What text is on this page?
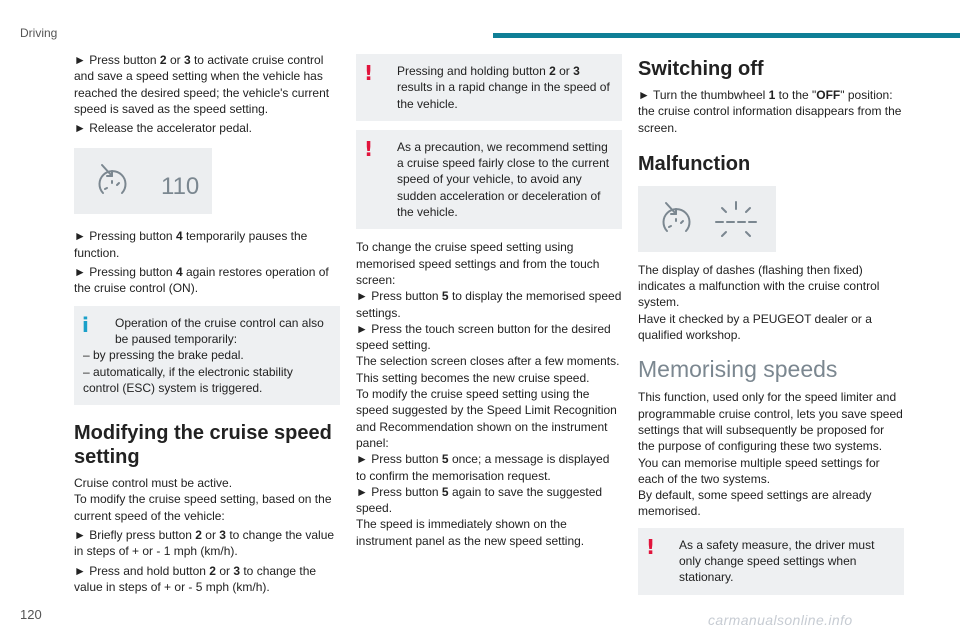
Driving

► Press button 2 or 3 to activate cruise control and save a speed setting when the vehicle has reached the desired speed; the vehicle's current speed is saved as the speed setting.

► Release the accelerator pedal.

110

► Pressing button 4 temporarily pauses the function.

► Pressing button 4 again restores operation of the cruise control (ON).

i	Operation of the cruise control can also be paused temporarily:

– by pressing the brake pedal.

– automatically, if the electronic stability control (ESC) system is triggered.

Modifying the cruise speed setting

Cruise control must be active.

To modify the cruise speed setting, based on the current speed of the vehicle:

► Briefly press button 2 or 3 to change the value in steps of + or - 1 mph (km/h).

► Press and hold button 2 or 3 to change the value in steps of + or - 5 mph (km/h).

!	Pressing and holding button 2 or 3 results in a rapid change in the speed of the vehicle.

!	As a precaution, we recommend setting a cruise speed fairly close to the current speed of your vehicle, to avoid any sudden acceleration or deceleration of the vehicle.

To change the cruise speed setting using memorised speed settings and from the touch screen:

► Press button 5 to display the memorised speed settings.

► Press the touch screen button for the desired speed setting.

The selection screen closes after a few moments.

This setting becomes the new cruise speed.

To modify the cruise speed setting using the speed suggested by the Speed Limit Recognition and Recommendation shown on the instrument panel:

► Press button 5 once; a message is displayed to confirm the memorisation request.

► Press button 5 again to save the suggested speed.

The speed is immediately shown on the instrument panel as the new speed setting.

Switching off

► Turn the thumbwheel 1 to the "OFF" position: the cruise control information disappears from the screen.

Malfunction

The display of dashes (flashing then fixed) indicates a malfunction with the cruise control system.

Have it checked by a PEUGEOT dealer or a qualified workshop.

Memorising speeds

This function, used only for the speed limiter and programmable cruise control, lets you save speed settings that will subsequently be proposed for the purpose of configuring these two systems.

You can memorise multiple speed settings for each of the two systems.

By default, some speed settings are already memorised.

!	As a safety measure, the driver must only change speed settings when stationary.

120	carmanualsonline.info
